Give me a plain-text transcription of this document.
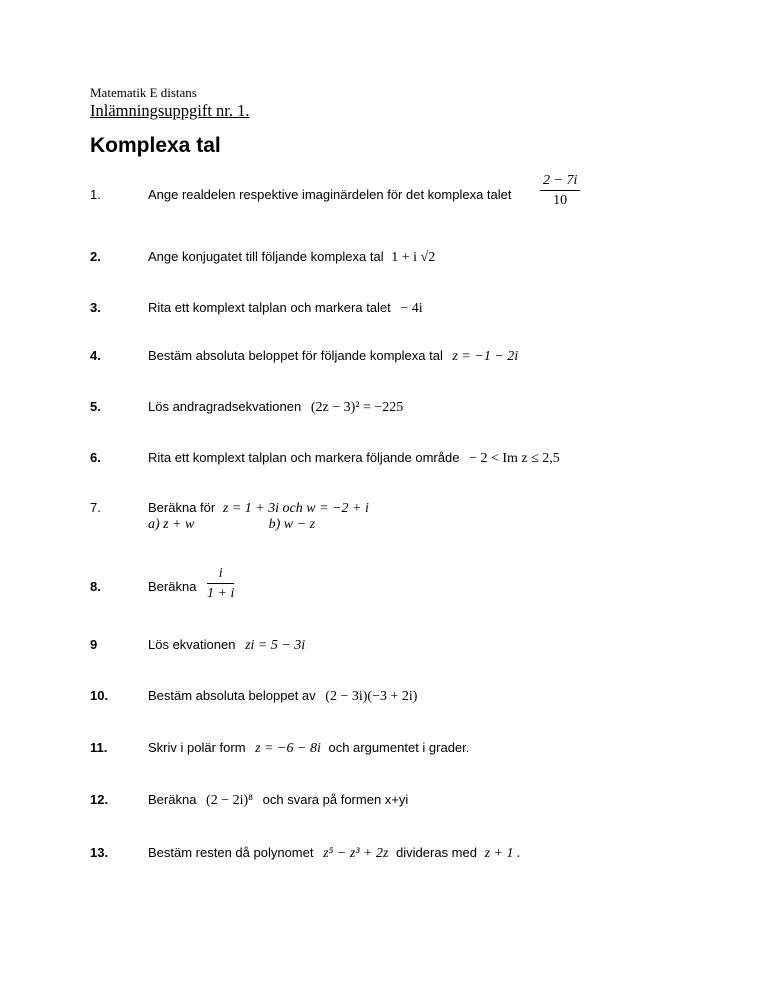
Matematik E distans
Inlämningsuppgift nr. 1.
Komplexa tal
1.	Ange realdelen respektive imaginärdelen för det komplexa talet $\frac{2 - 7i}{10}$
2.	Ange konjugatet till följande komplexa tal 1 + i √2
3.	Rita ett komplext talplan och markera talet − 4i
4.	Bestäm absoluta beloppet för följande komplexa tal z = −1 − 2i
5.	Lös andragradsekvationen (2z − 3)² = −225
6.	Rita ett komplext talplan och markera följande område − 2 < Im z ≤ 2,5
7.	Beräkna för z = 1 + 3i och w = −2 + i
a) z + w	b) w − z
8.	Beräkna $\frac{i}{1 + i}$
9	Lös ekvationen zi = 5 − 3i
10.	Bestäm absoluta beloppet av (2 − 3i)(−3 + 2i)
11.	Skriv i polär form z = −6 − 8i och argumentet i grader.
12.	Beräkna (2 − 2i)⁸ och svara på formen x+yi
13.	Bestäm resten då polynomet z⁵ − z³ + 2z divideras med z + 1 .
